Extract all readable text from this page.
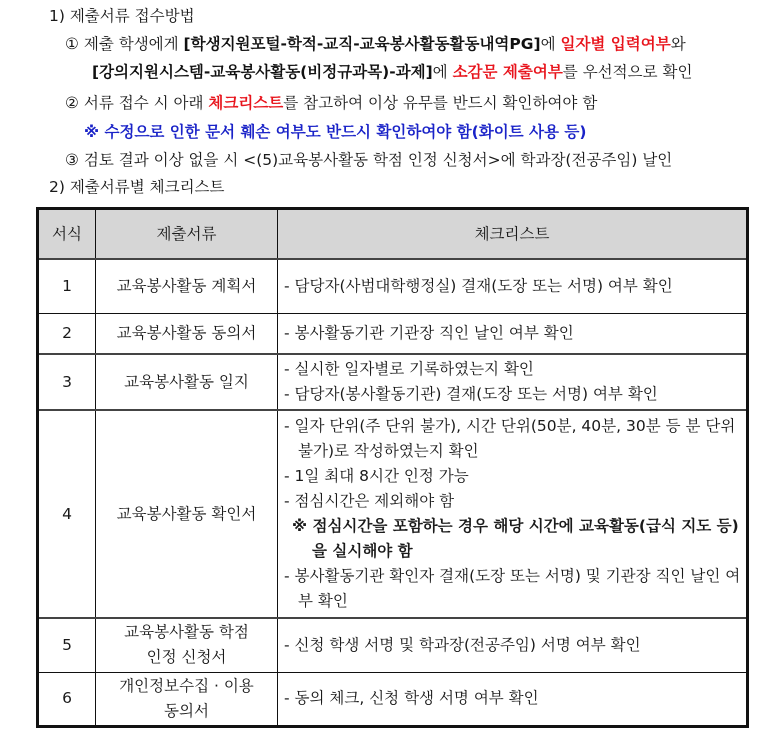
1) 제출서류 접수방법
① 제출 학생에게 [학생지원포털-학적-교직-교육봉사활동활동내역PG]에 일자별 입력여부와
[강의지원시스템-교육봉사활동(비정규과목)-과제]에 소감문 제출여부를 우선적으로 확인
② 서류 접수 시 아래 체크리스트를 참고하여 이상 유무를 반드시 확인하여야 함
※ 수정으로 인한 문서 훼손 여부도 반드시 확인하여야 함(화이트 사용 등)
③ 검토 결과 이상 없을 시 <(5)교육봉사활동 학점 인정 신청서>에 학과장(전공주임) 날인
2) 제출서류별 체크리스트
서식	제출서류	체크리스트
1	교육봉사활동 계획서	- 담당자(사범대학행정실) 결재(도장 또는 서명) 여부 확인

2	교육봉사활동 동의서	- 봉사활동기관 기관장 직인 날인 여부 확인

3	교육봉사활동 일지	- 실시한 일자별로 기록하였는지 확인
- 담당자(봉사활동기관) 결재(도장 또는 서명) 여부 확인

4	교육봉사활동 확인서	- 일자 단위(주 단위 불가), 시간 단위(50분, 40분, 30분 등 분 단위 불가)로 작성하였는지 확인
- 1일 최대 8시간 인정 가능
- 점심시간은 제외해야 함
※ 점심시간을 포함하는 경우 해당 시간에 교육활동(급식 지도 등)을 실시해야 함
- 봉사활동기관 확인자 결재(도장 또는 서명) 및 기관장 직인 날인 여부 확인

5	교육봉사활동 학점
인정 신청서	- 신청 학생 서명 및 학과장(전공주임) 서명 여부 확인

6	개인정보수집 · 이용
동의서	- 동의 체크, 신청 학생 서명 여부 확인
